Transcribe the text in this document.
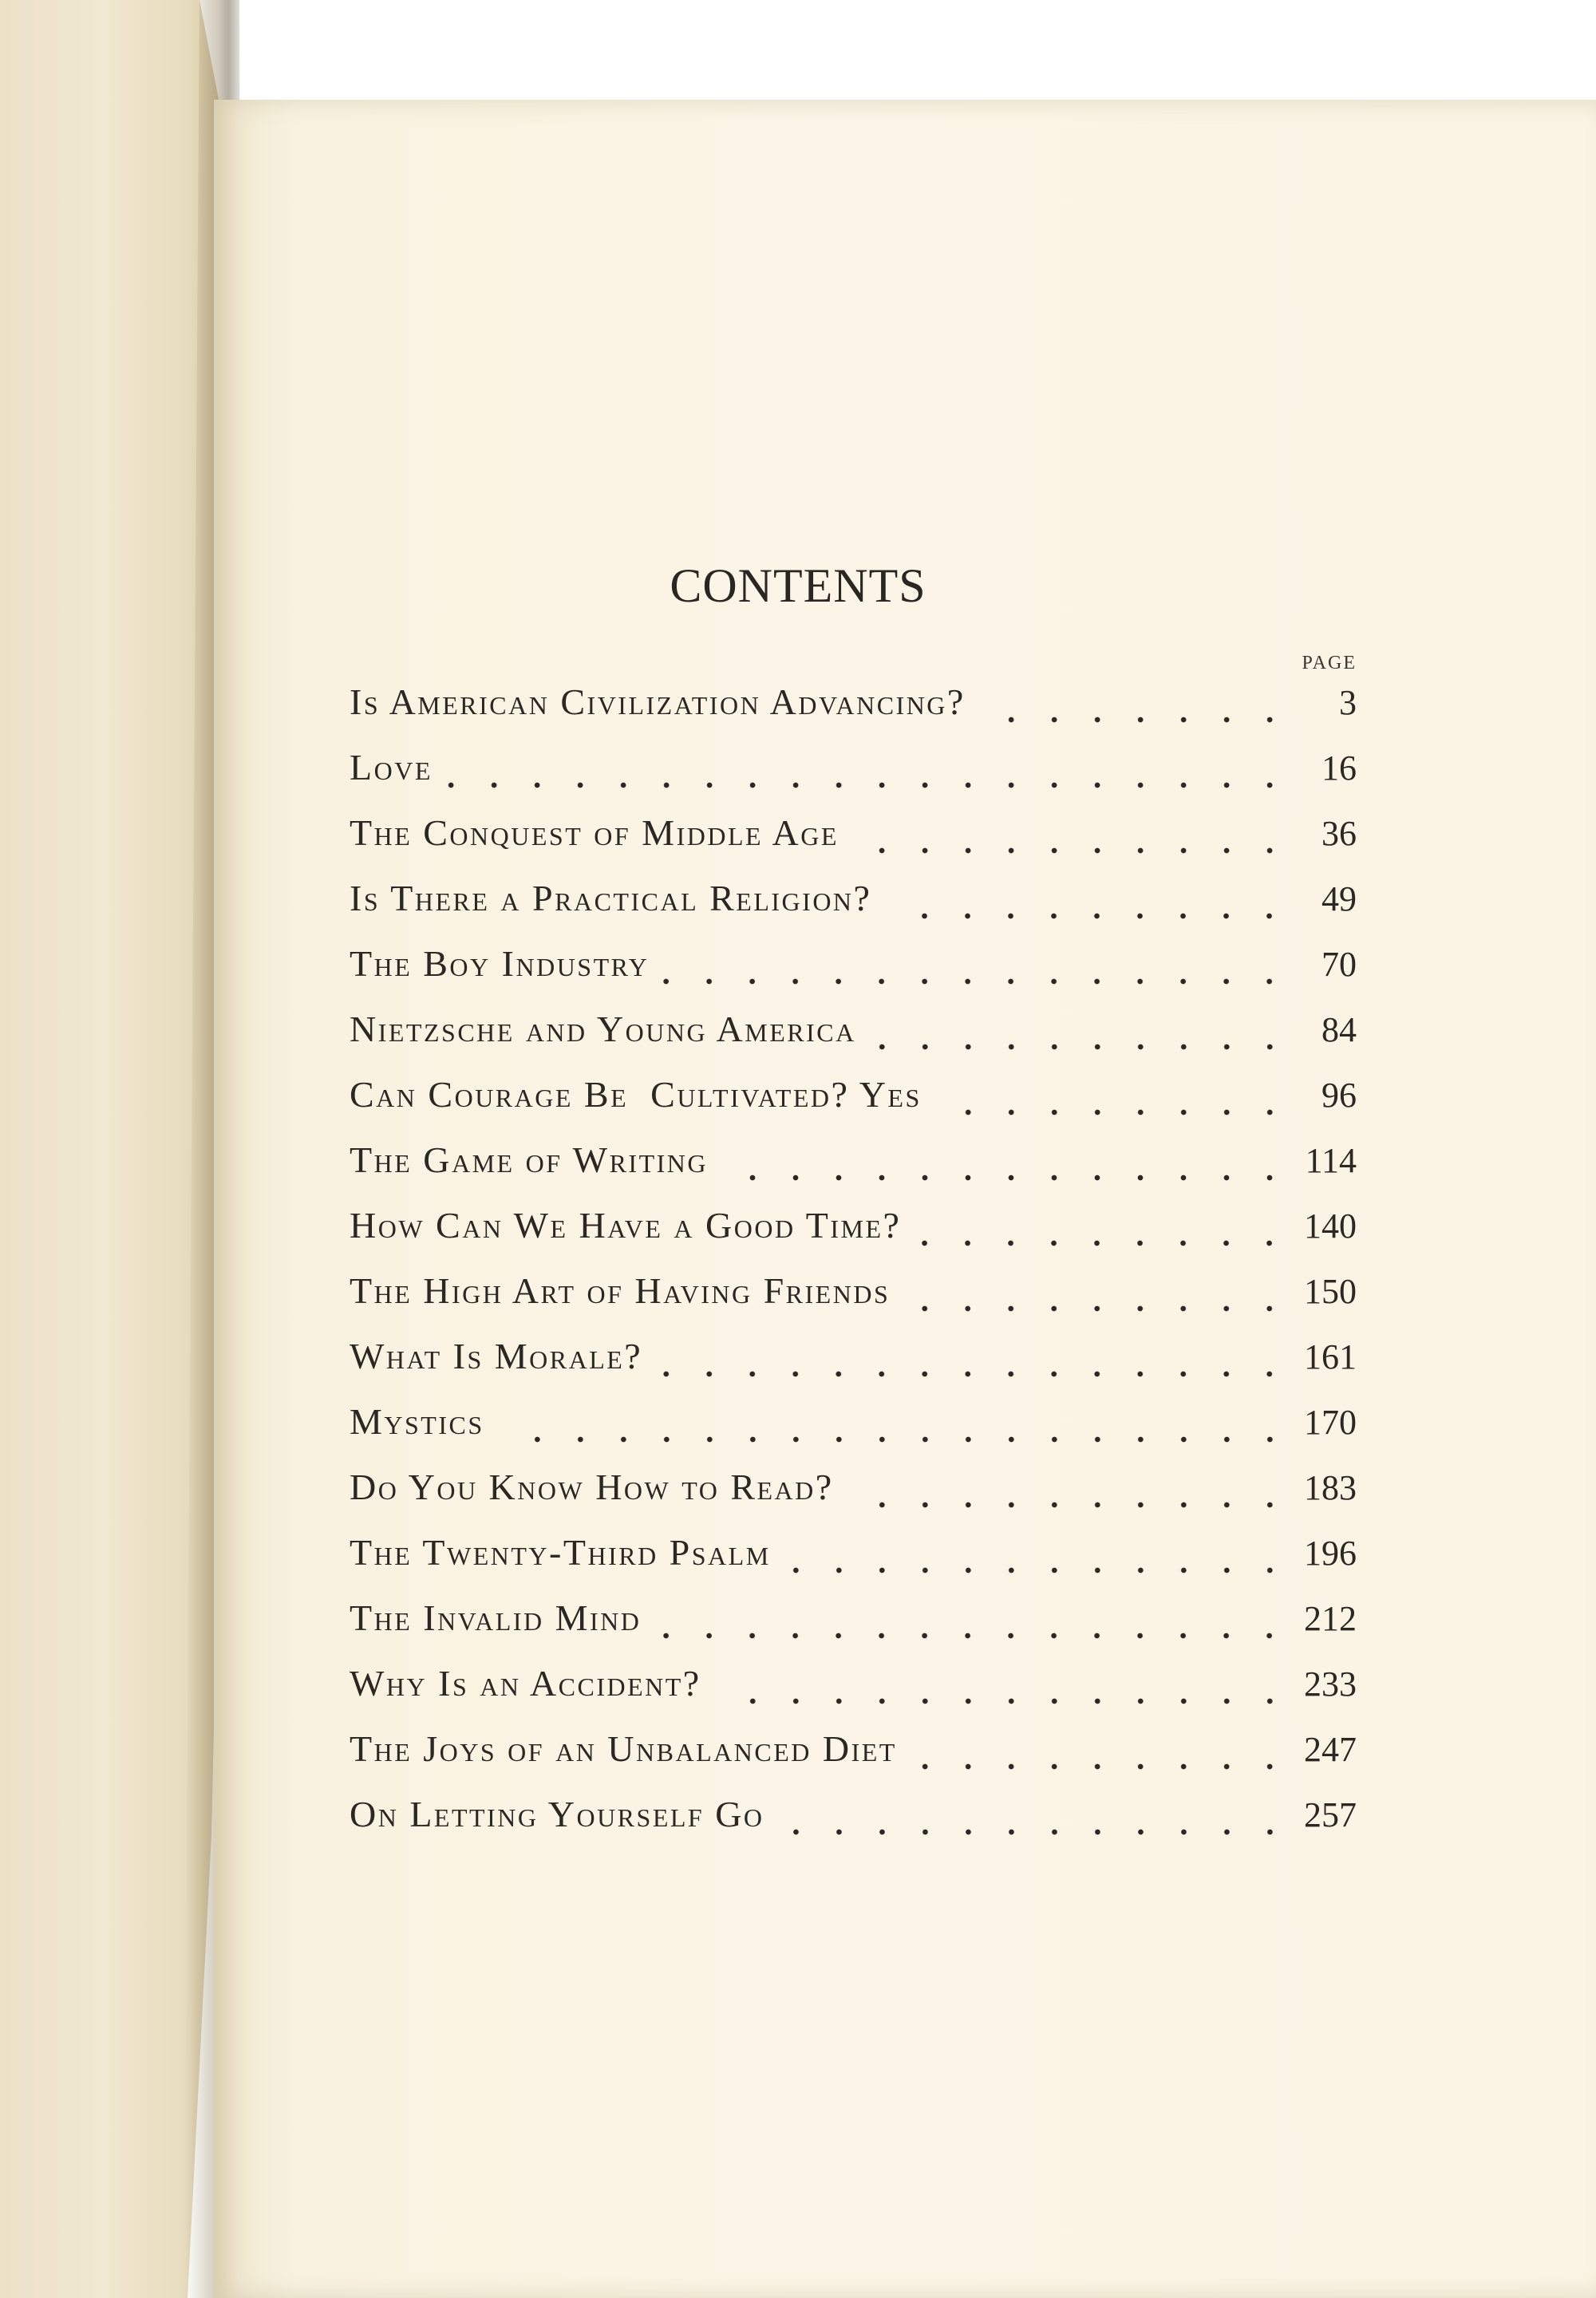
CONTENTS
PAGE
Is American Civilization Advancing?	3
Love	16
The Conquest of Middle Age	36
Is There a Practical Religion?	49
The Boy Industry	70
Nietzsche and Young America	84
Can Courage Be  Cultivated? Yes	96
The Game of Writing	114
How Can We Have a Good Time?	140
The High Art of Having Friends	150
What Is Morale?	161
Mystics	170
Do You Know How to Read?	183
The Twenty-Third Psalm	196
The Invalid Mind	212
Why Is an Accident?	233
The Joys of an Unbalanced Diet	247
On Letting Yourself Go	257
